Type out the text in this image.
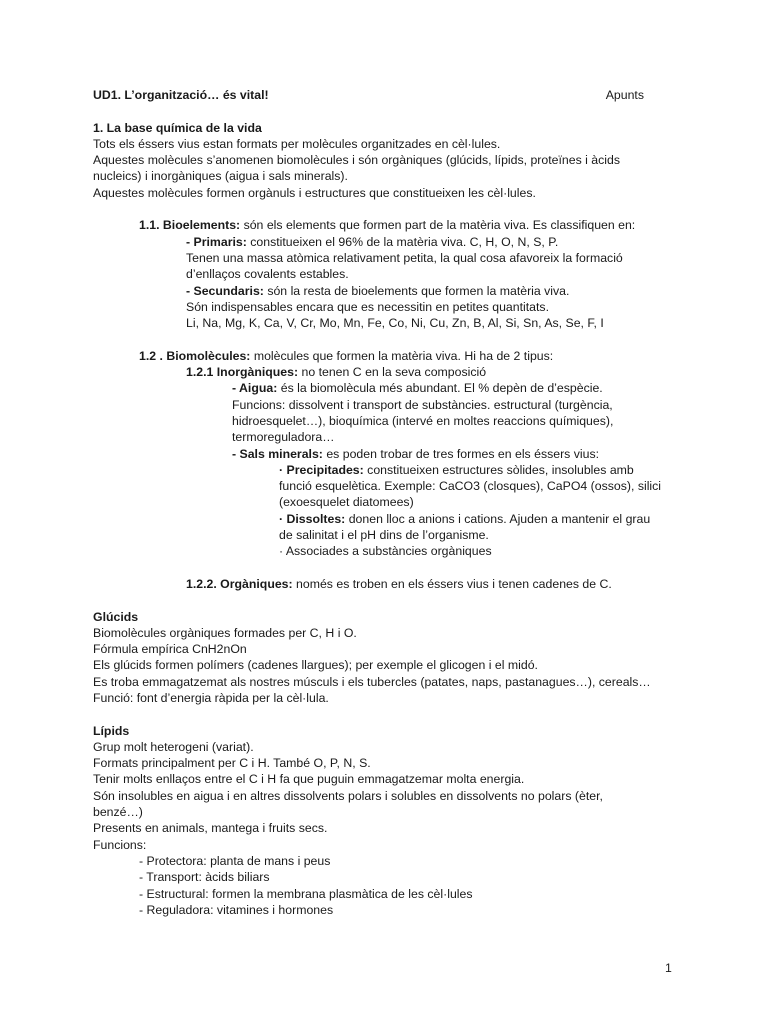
UD1. L’organització… és vital!	Apunts
1. La base química de la vida
Tots els éssers vius estan formats per molècules organitzades en cèl·lules.
Aquestes molècules s’anomenen biomolècules i són orgàniques (glúcids, lípids, proteïnes i àcids
nucleics) i inorgàniques (aigua i sals minerals).
Aquestes molècules formen orgànuls i estructures que constitueixen les cèl·lules.
1.1. Bioelements: són els elements que formen part de la matèria viva. Es classifiquen en:
- Primaris: constitueixen el 96% de la matèria viva. C, H, O, N, S, P.
Tenen una massa atòmica relativament petita, la qual cosa afavoreix la formació
d’enllaços covalents estables.
- Secundaris: són la resta de bioelements que formen la matèria viva.
Són indispensables encara que es necessitin en petites quantitats.
Li, Na, Mg, K, Ca, V, Cr, Mo, Mn, Fe, Co, Ni, Cu, Zn, B, Al, Si, Sn, As, Se, F, I
1.2 . Biomolècules: molècules que formen la matèria viva. Hi ha de 2 tipus:
1.2.1 Inorgàniques: no tenen C en la seva composició
- Aigua: és la biomolècula més abundant. El % depèn de d’espècie.
Funcions: dissolvent i transport de substàncies. estructural (turgència,
hidroesquelet…), bioquímica (intervé en moltes reaccions químiques),
termoreguladora…
- Sals minerals: es poden trobar de tres formes en els éssers vius:
· Precipitades: constitueixen estructures sòlides, insolubles amb
funció esquelètica. Exemple: CaCO3 (closques), CaPO4 (ossos), silici
(exoesquelet diatomees)
· Dissoltes: donen lloc a anions i cations. Ajuden a mantenir el grau
de salinitat i el pH dins de l’organisme.
· Associades a substàncies orgàniques
1.2.2. Orgàniques: només es troben en els éssers vius i tenen cadenes de C.
Glúcids
Biomolècules orgàniques formades per C, H i O.
Fórmula empírica CnH2nOn
Els glúcids formen polímers (cadenes llargues); per exemple el glicogen i el midó.
Es troba emmagatzemat als nostres músculs i els tubercles (patates, naps, pastanagues…), cereals…
Funció: font d’energia ràpida per la cèl·lula.
Lípids
Grup molt heterogeni (variat).
Formats principalment per C i H. També O, P, N, S.
Tenir molts enllaços entre el C i H fa que puguin emmagatzemar molta energia.
Són insolubles en aigua i en altres dissolvents polars i solubles en dissolvents no polars (èter,
benzé…)
Presents en animals, mantega i fruits secs.
Funcions:
- Protectora: planta de mans i peus
- Transport: àcids biliars
- Estructural: formen la membrana plasmàtica de les cèl·lules
- Reguladora: vitamines i hormones
1
